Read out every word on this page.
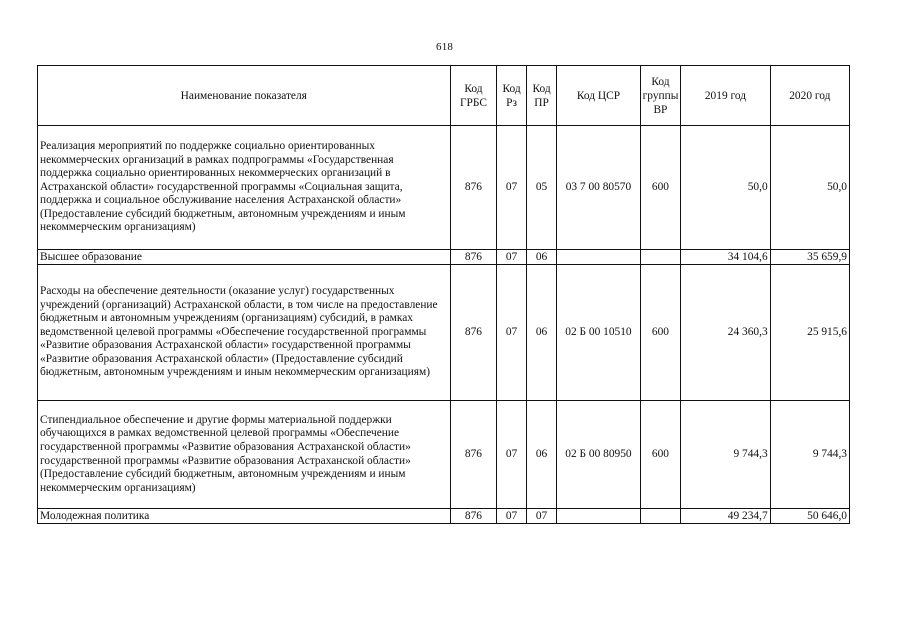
618
Наименование показателя	Код ГРБС	Код Рз	Код ПР	Код ЦСР	Код группы ВР	2019 год	2020 год
Реализация мероприятий по поддержке социально ориентированных некоммерческих организаций в рамках подпрограммы «Государственная поддержка социально ориентированных некоммерческих организаций в Астраханской области» государственной программы «Социальная защита, поддержка и социальное обслуживание населения Астраханской области» (Предоставление субсидий бюджетным, автономным учреждениям и иным некоммерческим организациям)	876	07	05	03 7 00 80570	600	50,0	50,0
Высшее образование	876	07	06			34 104,6	35 659,9
Расходы на обеспечение деятельности (оказание услуг) государственных учреждений (организаций) Астраханской области, в том числе на предоставление бюджетным и автономным учреждениям (организациям) субсидий, в рамках ведомственной целевой программы «Обеспечение государственной программы «Развитие образования Астраханской области» государственной программы «Развитие образования Астраханской области» (Предоставление субсидий бюджетным, автономным учреждениям и иным некоммерческим организациям)	876	07	06	02 Б 00 10510	600	24 360,3	25 915,6
Стипендиальное обеспечение и другие формы материальной поддержки обучающихся в рамках ведомственной целевой программы «Обеспечение государственной программы «Развитие образования Астраханской области» государственной программы «Развитие образования Астраханской области» (Предоставление субсидий бюджетным, автономным учреждениям и иным некоммерческим организациям)	876	07	06	02 Б 00 80950	600	9 744,3	9 744,3
Молодежная политика	876	07	07			49 234,7	50 646,0
